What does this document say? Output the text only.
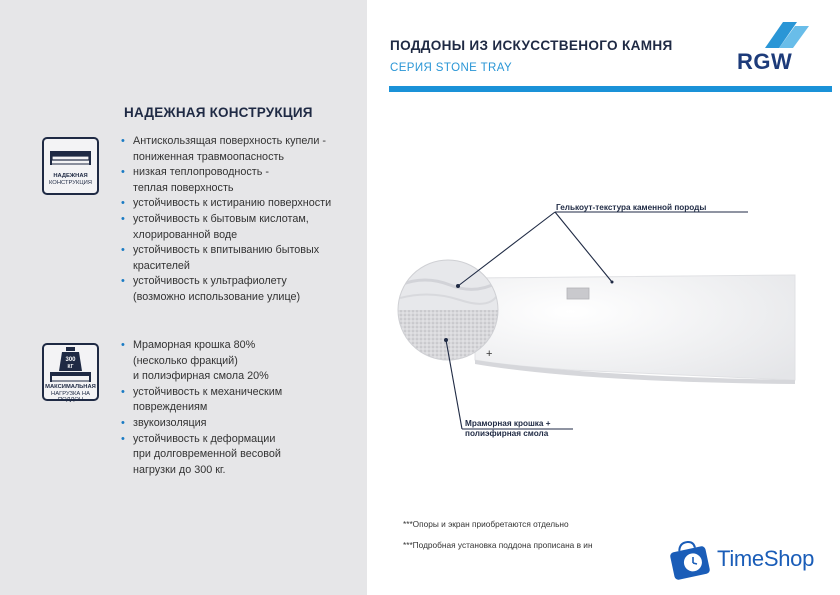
НАДЕЖНАЯ КОНСТРУКЦИЯ
НАДЕЖНАЯ
КОНСТРУКЦИЯ
• Антискользящая поверхность купели -
пониженная травмоопасность
• низкая теплопроводность -
теплая поверхность
• устойчивость к истиранию поверхности
• устойчивость к бытовым кислотам,
хлорированной воде
• устойчивость к впитыванию бытовых
красителей
• устойчивость к ультрафиолету
(возможно использование улице)
300
КГ
МАКСИМАЛЬНАЯ
НАГРУЗКА НА ПОДДОН
• Мраморная крошка 80%
(несколько фракций)
и полиэфирная смола 20%
• устойчивость к механическим
повреждениям
• звукоизоляция
• устойчивость к деформации
при долговременной весовой
нагрузки до 300 кг.
ПОДДОНЫ ИЗ ИСКУССТВЕНОГО КАМНЯ
СЕРИЯ STONE TRAY	RGW
+
Гелькоут-текстура каменной породы
Мраморная крошка +
полиэфирная смола
***Опоры и экран приобретаются отдельно
***Подробная установка поддона прописана в ин
TimeShop
